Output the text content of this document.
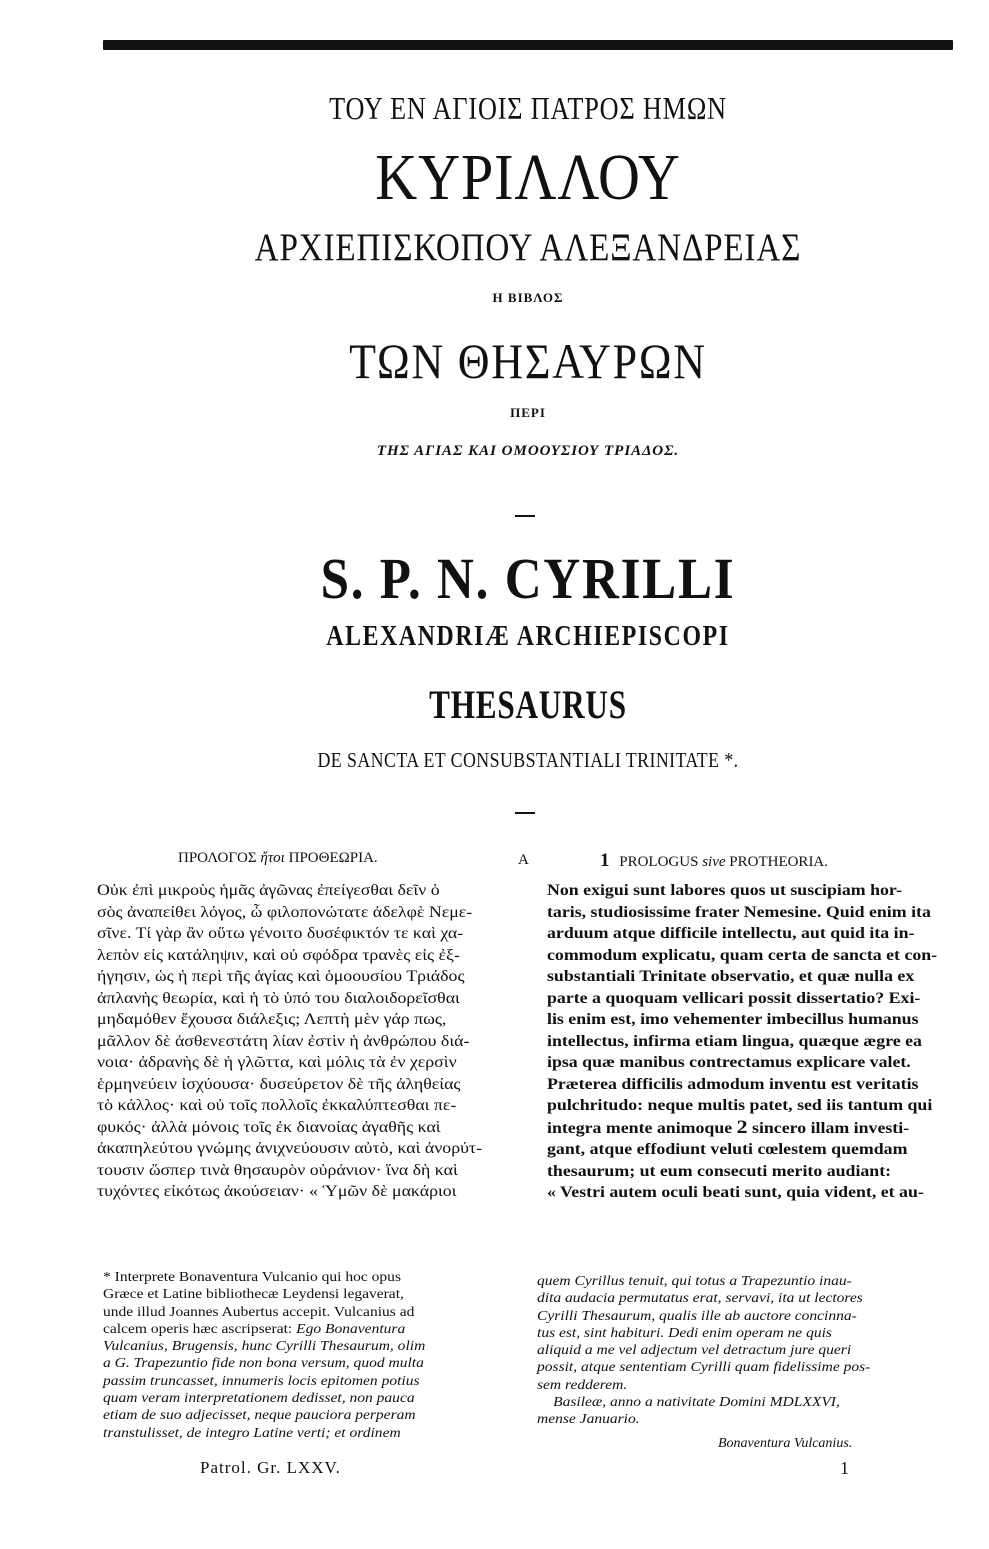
ΤΟΥ ΕΝ ΑΓΙΟΙΣ ΠΑΤΡΟΣ ΗΜΩΝ
ΚΥΡΙΛΛΟΥ
ΑΡΧΙΕΠΙΣΚΟΠΟΥ ΑΛΕΞΑΝΔΡΕΙΑΣ
Η ΒΙΒΛΟΣ
ΤΩΝ ΘΗΣΑΥΡΩΝ
ΠΕΡΙ
ΤΗΣ ΑΓΙΑΣ ΚΑΙ ΟΜΟΟΥΣΙΟΥ ΤΡΙΑΔΟΣ.
S. P. N. CYRILLI
ALEXANDRIÆ ARCHIEPISCOPI
THESAURUS
DE SANCTA ET CONSUBSTANTIALI TRINITATE *.
ΠΡΟΛΟΓΟΣ ἤτοι ΠΡΟΘΕΩΡΙΑ.	A	1 PROLOGUS sive PROTHEORIA.
Οὐκ ἐπὶ μικροὺς ἡμᾶς ἀγῶνας ἐπείγεσθαι δεῖν ὁ
σὸς ἀναπείθει λόγος, ὦ φιλοπονώτατε ἀδελφὲ Νεμε-
σῖνε. Τί γὰρ ἂν οὕτω γένοιτο δυσέφικτόν τε καὶ χα-
λεπὸν εἰς κατάληψιν, καὶ οὐ σφόδρα τρανὲς εἰς ἐξ-
ήγησιν, ὡς ἡ περὶ τῆς ἁγίας καὶ ὁμοουσίου Τριάδος
ἀπλανὴς θεωρία, καὶ ἡ τὸ ὑπό του διαλοιδορεῖσθαι
μηδαμόθεν ἔχουσα διάλεξις; Λεπτὴ μὲν γάρ πως,
μᾶλλον δὲ ἀσθενεστάτη λίαν ἐστὶν ἡ ἀνθρώπου διά-
νοια· ἀδρανὴς δὲ ἡ γλῶττα, καὶ μόλις τὰ ἐν χερσὶν
ἑρμηνεύειν ἰσχύουσα· δυσεύρετον δὲ τῆς ἀληθείας
τὸ κάλλος· καὶ οὐ τοῖς πολλοῖς ἐκκαλύπτεσθαι πε-
φυκός· ἀλλὰ μόνοις τοῖς ἐκ διανοίας ἀγαθῆς καὶ
ἀκαπηλεύτου γνώμης ἀνιχνεύουσιν αὐτὸ, καὶ ἀνορύτ-
τουσιν ὥσπερ τινὰ θησαυρὸν οὐράνιον· ἵνα δὴ καὶ
τυχόντες εἰκότως ἀκούσειαν· « Ὑμῶν δὲ μακάριοι
Non exigui sunt labores quos ut suscipiam hor-
taris, studiosissime frater Nemesine. Quid enim ita
arduum atque difficile intellectu, aut quid ita in-
commodum explicatu, quam certa de sancta et con-
substantiali Trinitate observatio, et quæ nulla ex
parte a quoquam vellicari possit dissertatio? Exi-
lis enim est, imo vehementer imbecillus humanus
intellectus, infirma etiam lingua, quæque ægre ea
ipsa quæ manibus contrectamus explicare valet.
Præterea difficilis admodum inventu est veritatis
pulchritudo: neque multis patet, sed iis tantum qui
integra mente animoque 2 sincero illam investi-
gant, atque effodiunt veluti cœlestem quemdam
thesaurum; ut eum consecuti merito audiant:
« Vestri autem oculi beati sunt, quia vident, et au-
* Interprete Bonaventura Vulcanio qui hoc opus
Græce et Latine bibliothecæ Leydensi legaverat,
unde illud Joannes Aubertus accepit. Vulcanius ad
calcem operis hæc ascripserat: Ego Bonaventura
Vulcanius, Brugensis, hunc Cyrilli Thesaurum, olim
a G. Trapezuntio fide non bona versum, quod multa
passim truncasset, innumeris locis epitomen potius
quam veram interpretationem dedisset, non pauca
etiam de suo adjecisset, neque pauciora perperam
transtulisset, de integro Latine verti; et ordinem
quem Cyrillus tenuit, qui totus a Trapezuntio inau-
dita audacia permutatus erat, servavi, ita ut lectores
Cyrilli Thesaurum, qualis ille ab auctore concinna-
tus est, sint habituri. Dedi enim operam ne quis
aliquid a me vel adjectum vel detractum jure queri
possit, atque sententiam Cyrilli quam fidelissime pos-
sem redderem.
Basileæ, anno a nativitate Domini MDLXXVI,
mense Januario.
Bonaventura Vulcanius.
Patrol. Gr. LXXV.	1
